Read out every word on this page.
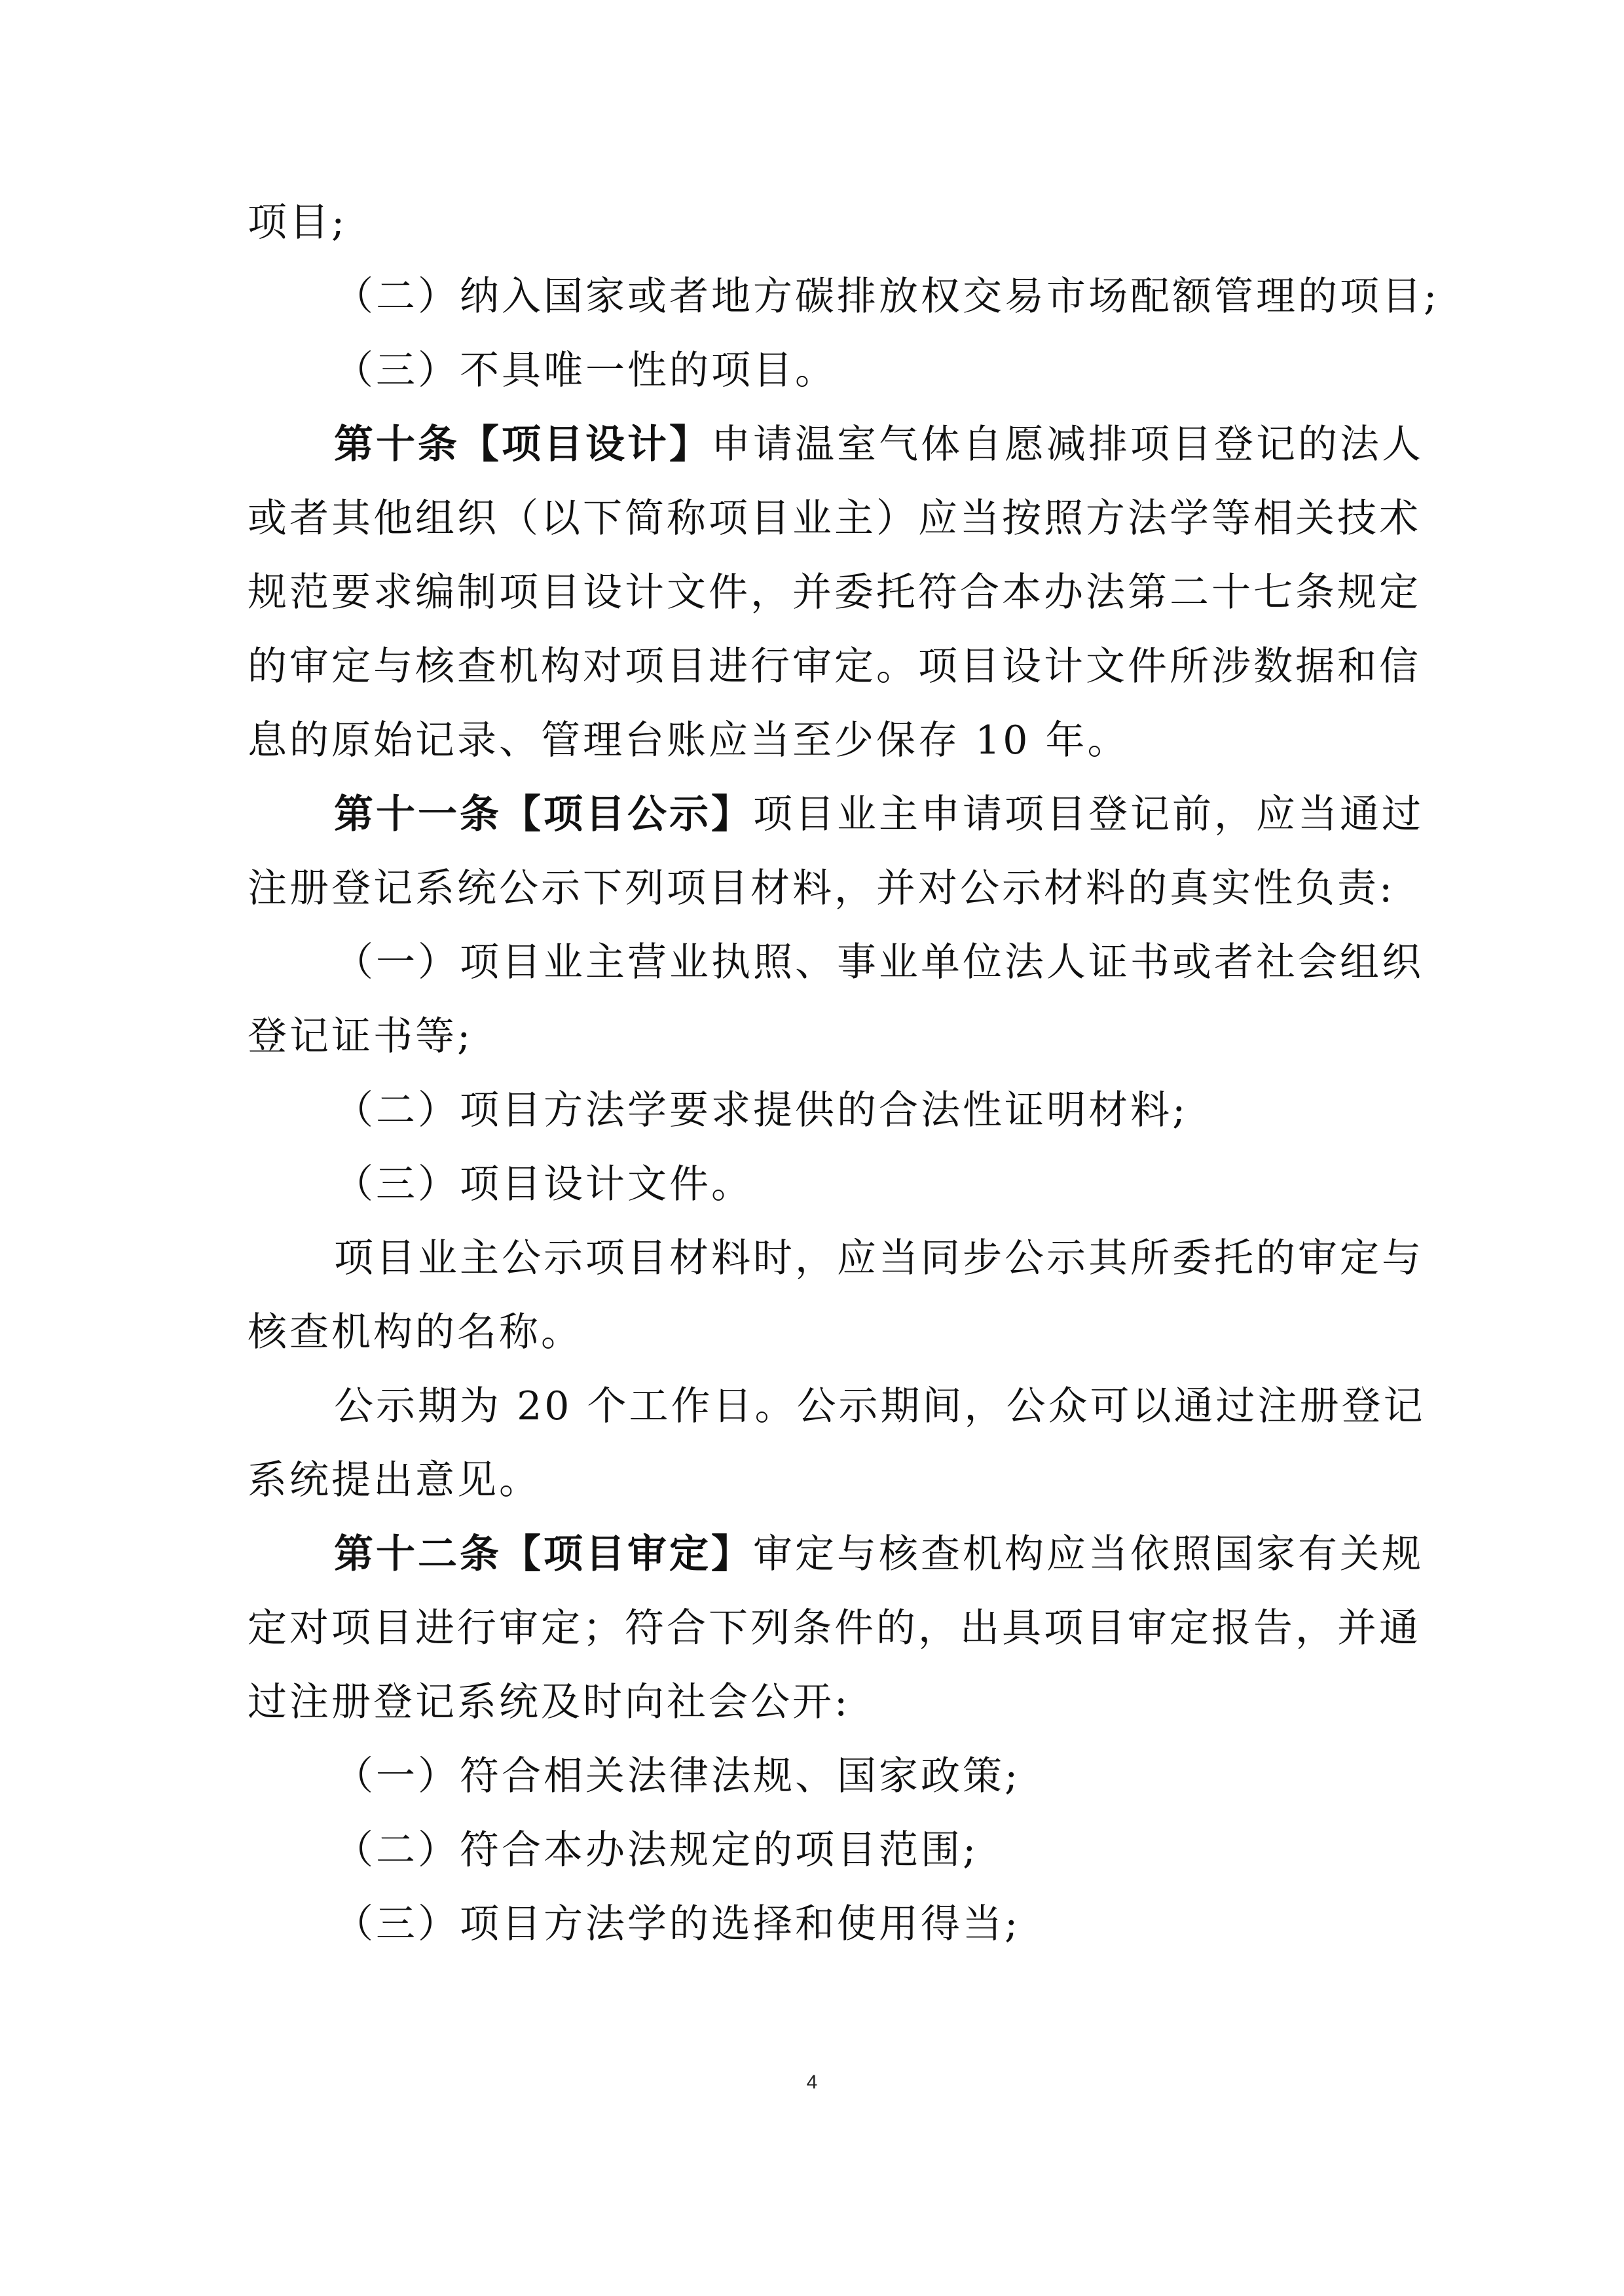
项目;
（二）纳入国家或者地方碳排放权交易市场配额管理的项目;
（三）不具唯一性的项目。
第十条【项目设计】申请温室气体自愿减排项目登记的法人
或者其他组织（以下简称项目业主）应当按照方法学等相关技术
规范要求编制项目设计文件，并委托符合本办法第二十七条规定
的审定与核查机构对项目进行审定。项目设计文件所涉数据和信
息的原始记录、管理台账应当至少保存 10 年。
第十一条【项目公示】项目业主申请项目登记前，应当通过
注册登记系统公示下列项目材料，并对公示材料的真实性负责:
（一）项目业主营业执照、事业单位法人证书或者社会组织
登记证书等;
（二）项目方法学要求提供的合法性证明材料;
（三）项目设计文件。
项目业主公示项目材料时，应当同步公示其所委托的审定与
核查机构的名称。
公示期为 20 个工作日。公示期间，公众可以通过注册登记
系统提出意见。
第十二条【项目审定】审定与核查机构应当依照国家有关规
定对项目进行审定；符合下列条件的，出具项目审定报告，并通
过注册登记系统及时向社会公开:
（一）符合相关法律法规、国家政策;
（二）符合本办法规定的项目范围;
（三）项目方法学的选择和使用得当;
4
